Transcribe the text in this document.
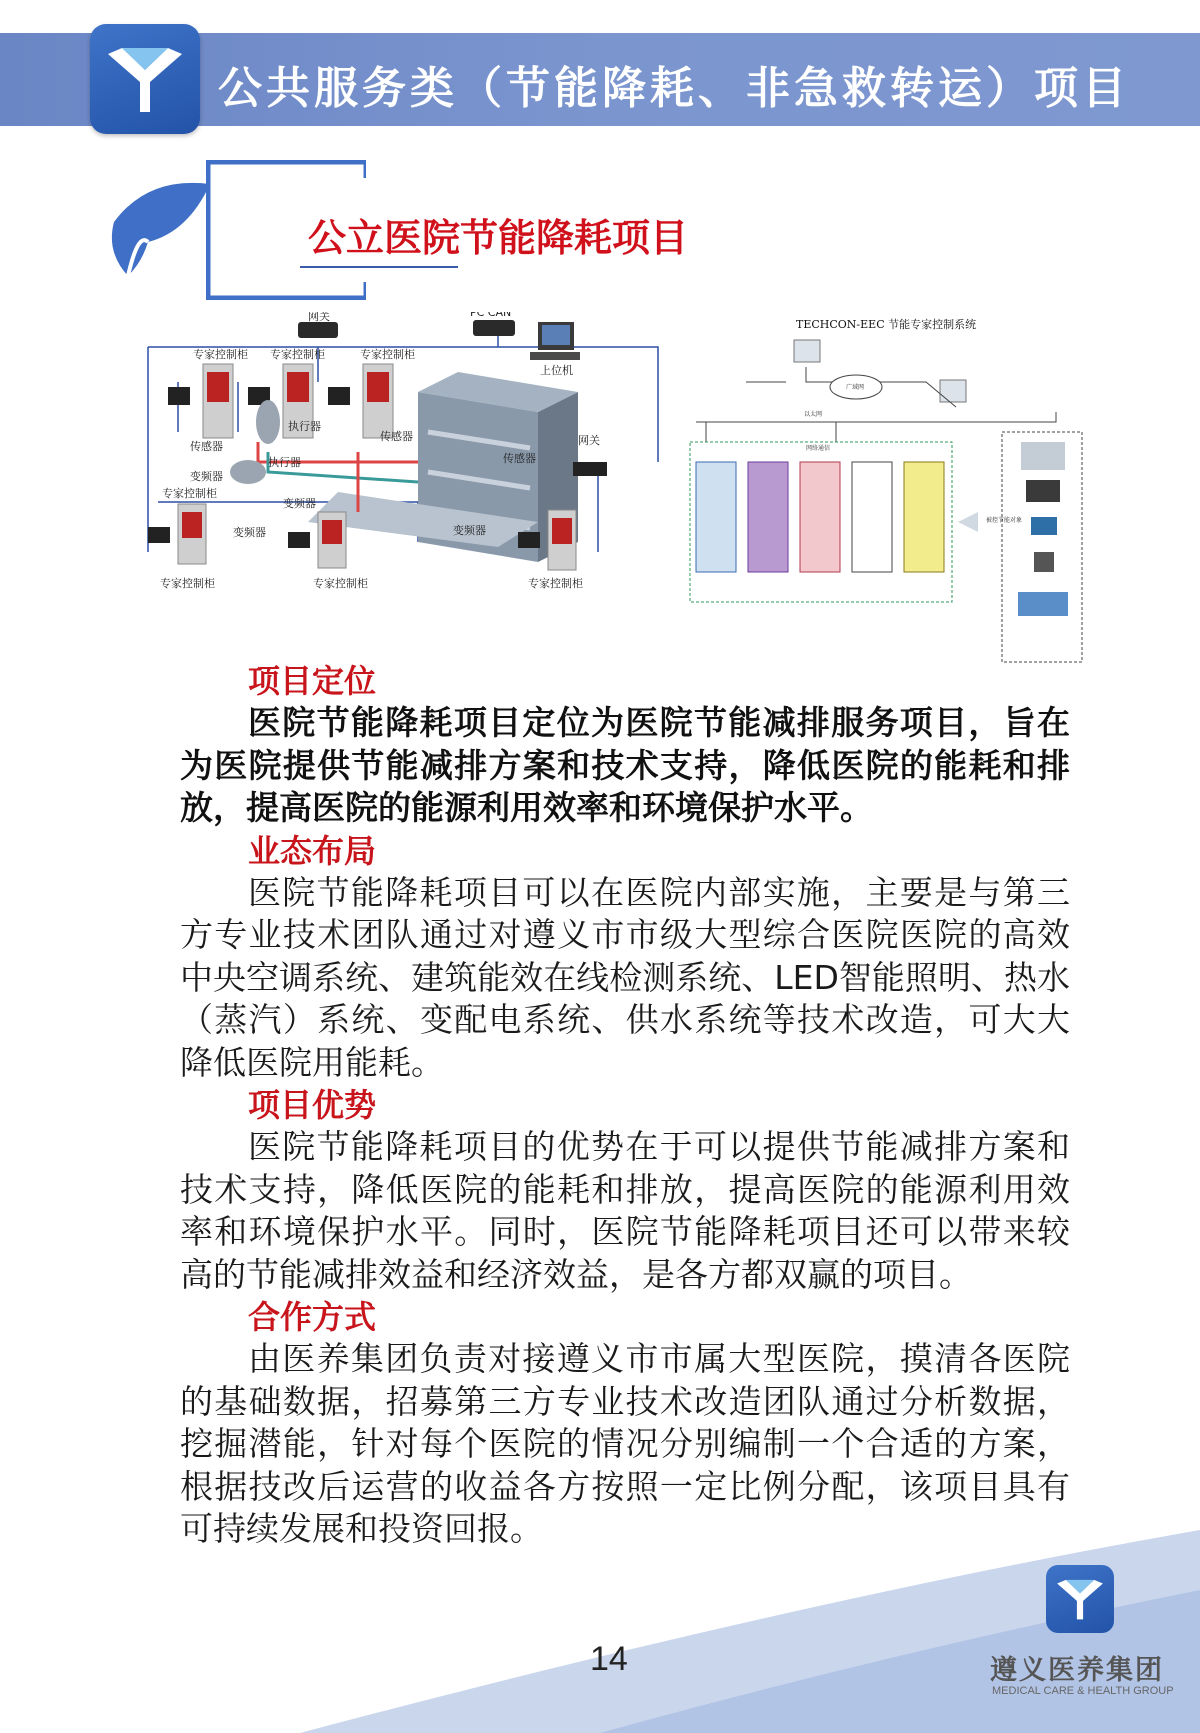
公共服务类（节能降耗、非急救转运）项目
公立医院节能降耗项目
网关	PC CAN
上位机
专家控制柜 专家控制柜	专家控制柜
传感器
变频器
执行器
执行器
传感器
专家控制柜
变频器
变频器
传感器
网关
变频器
专家控制柜	专家控制柜	专家控制柜
TECHCON-EEC 节能专家控制系统
广域网
以太网
网络通信
被控节能对象

项目定位

医院节能降耗项目定位为医院节能减排服务项目，旨在为医院提供节能减排方案和技术支持，降低医院的能耗和排放，提高医院的能源利用效率和环境保护水平。

业态布局

医院节能降耗项目可以在医院内部实施，主要是与第三方专业技术团队通过对遵义市市级大型综合医院医院的高效中央空调系统、建筑能效在线检测系统、LED智能照明、热水（蒸汽）系统、变配电系统、供水系统等技术改造，可大大降低医院用能耗。

项目优势

医院节能降耗项目的优势在于可以提供节能减排方案和技术支持，降低医院的能耗和排放，提高医院的能源利用效率和环境保护水平。同时，医院节能降耗项目还可以带来较高的节能减排效益和经济效益，是各方都双赢的项目。

合作方式

由医养集团负责对接遵义市市属大型医院，摸清各医院的基础数据，招募第三方专业技术改造团队通过分析数据，挖掘潜能，针对每个医院的情况分别编制一个合适的方案，根据技改后运营的收益各方按照一定比例分配，该项目具有可持续发展和投资回报。

14	遵义医养集团
MEDICAL CARE & HEALTH GROUP
